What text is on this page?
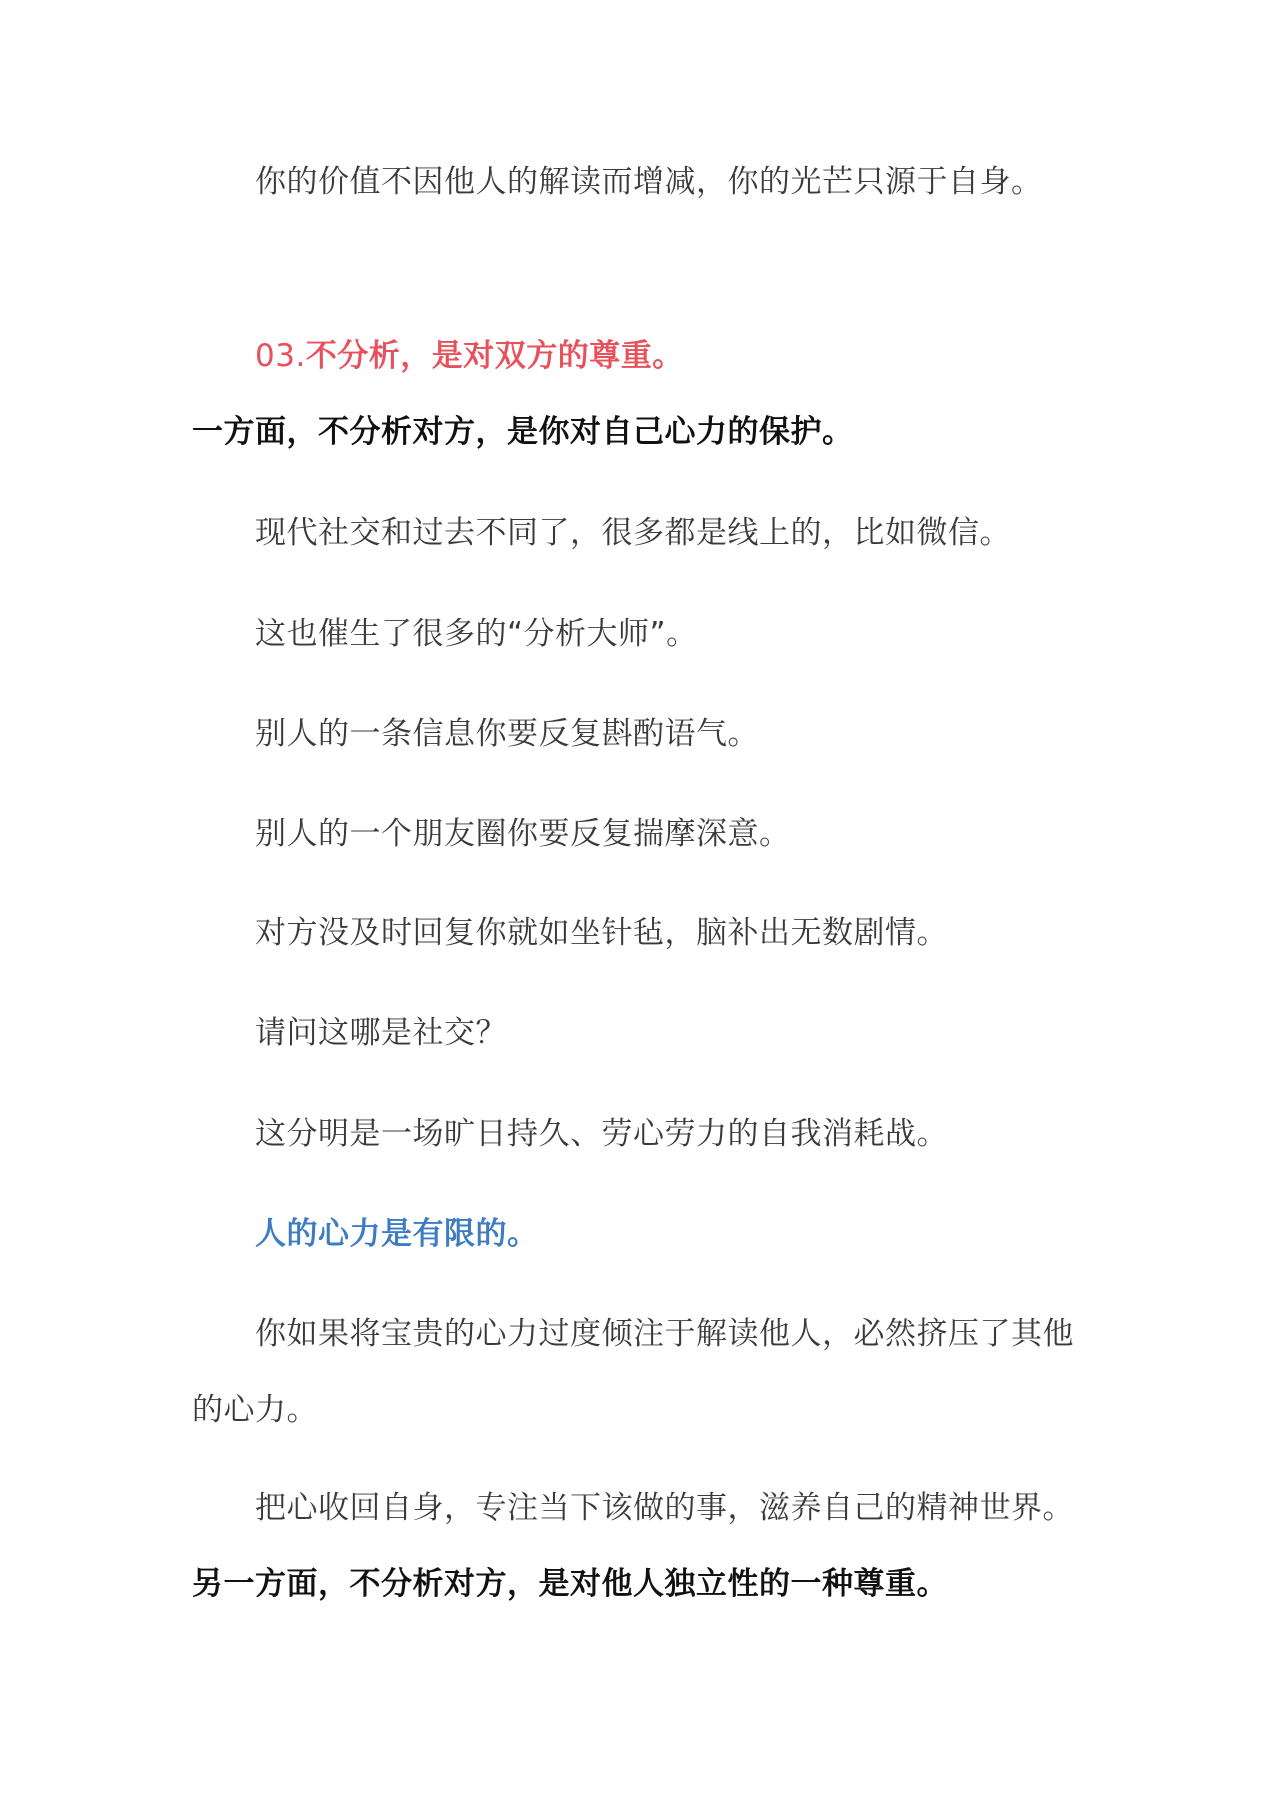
你的价值不因他人的解读而增减，你的光芒只源于自身。

03.不分析，是对双方的尊重。

一方面，不分析对方，是你对自己心力的保护。

现代社交和过去不同了，很多都是线上的，比如微信。

这也催生了很多的“分析大师”。

别人的一条信息你要反复斟酌语气。

别人的一个朋友圈你要反复揣摩深意。

对方没及时回复你就如坐针毡，脑补出无数剧情。

请问这哪是社交？

这分明是一场旷日持久、劳心劳力的自我消耗战。

人的心力是有限的。

你如果将宝贵的心力过度倾注于解读他人，必然挤压了其他

的心力。

把心收回自身，专注当下该做的事，滋养自己的精神世界。

另一方面，不分析对方，是对他人独立性的一种尊重。
